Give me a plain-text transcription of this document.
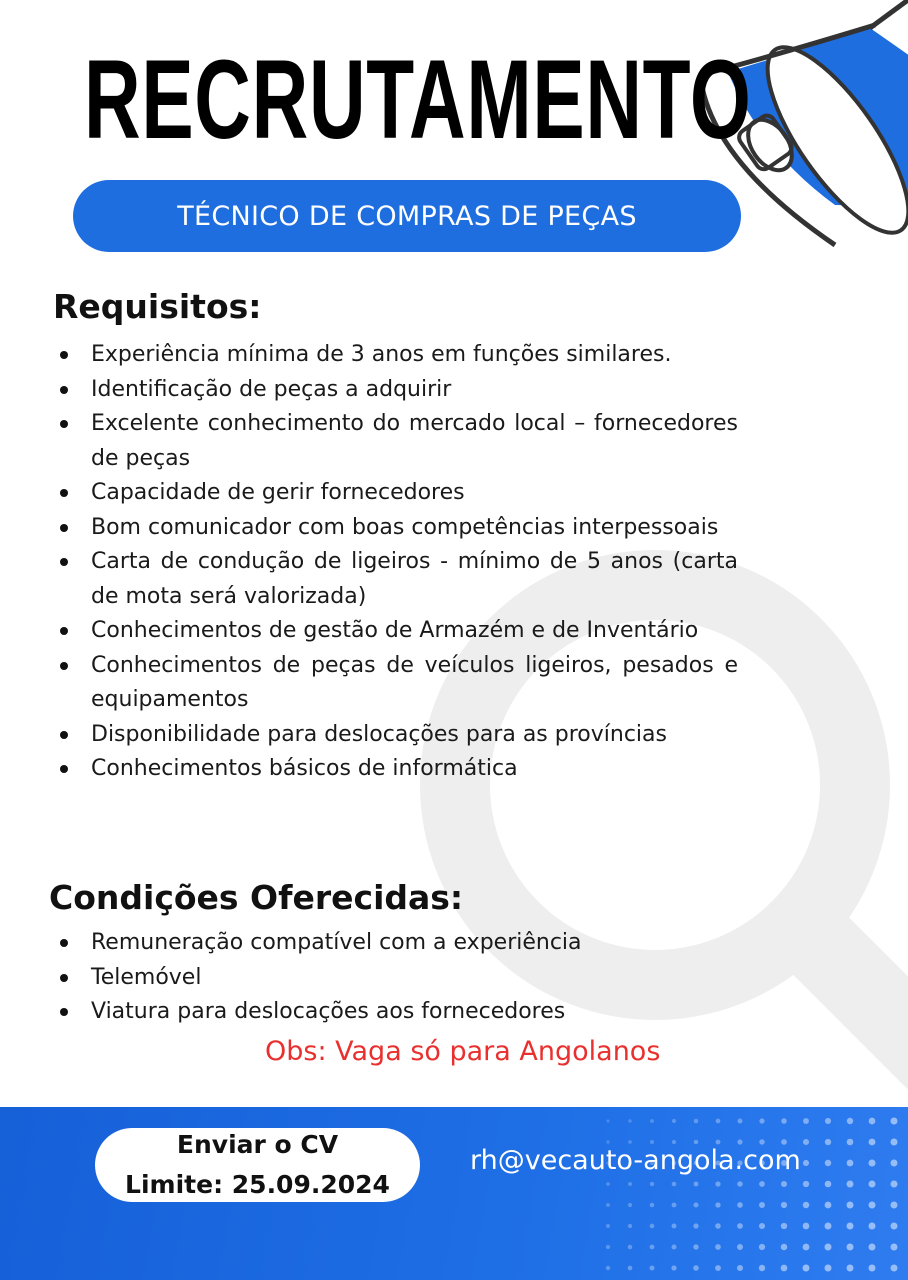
RECRUTAMENTO
TÉCNICO DE COMPRAS DE PEÇAS
Requisitos:
Experiência mínima de 3 anos em funções similares.
Identificação de peças a adquirir
Excelente conhecimento do mercado local – fornecedores de peças
Capacidade de gerir fornecedores
Bom comunicador com boas competências interpessoais
Carta de condução de ligeiros - mínimo de 5 anos (carta de mota será valorizada)
Conhecimentos de gestão de Armazém e de Inventário
Conhecimentos de peças de veículos ligeiros, pesados e equipamentos
Disponibilidade para deslocações para as províncias
Conhecimentos básicos de informática
Condições Oferecidas:
Remuneração compatível com a experiência
Telemóvel
Viatura para deslocações aos fornecedores
Obs: Vaga só para Angolanos
Enviar o CV
Limite: 25.09.2024
rh@vecauto-angola.com
